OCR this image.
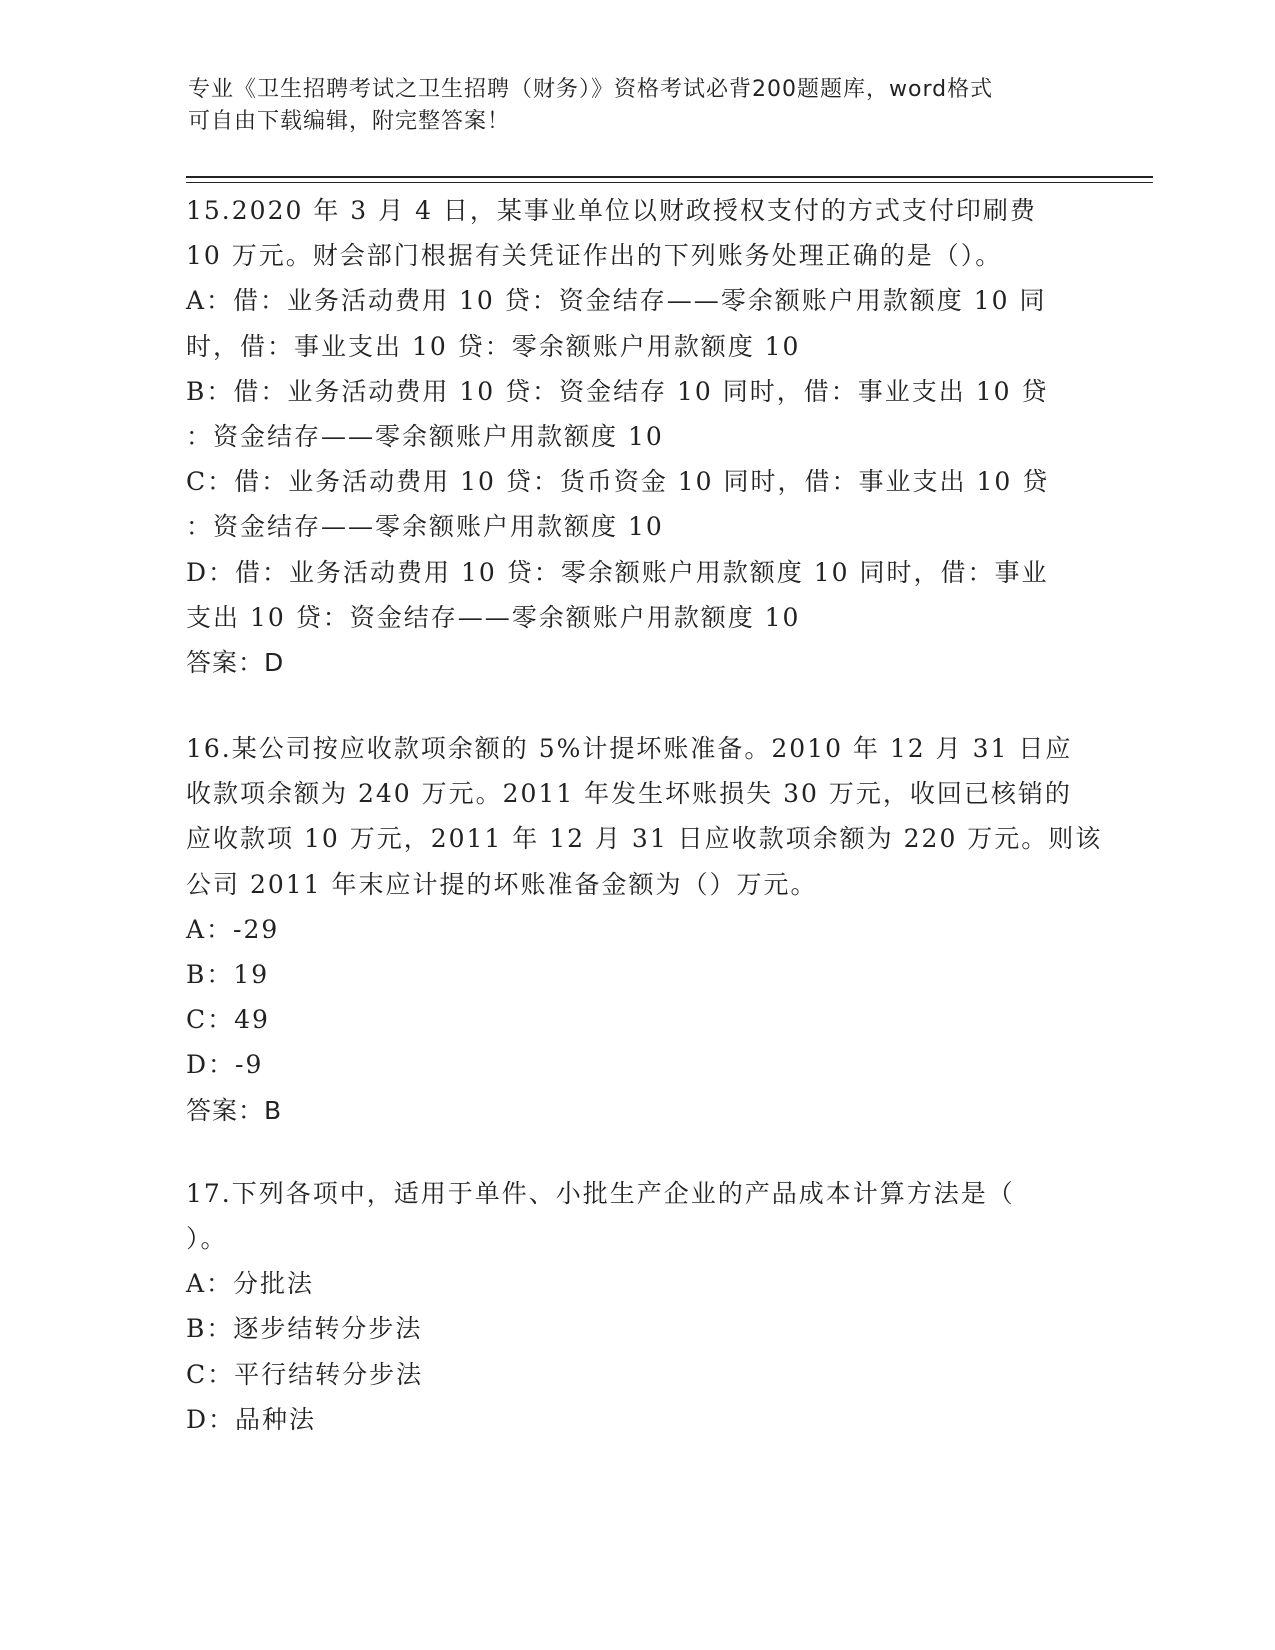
专业《卫生招聘考试之卫生招聘（财务）》资格考试必背200题题库，word格式
可自由下载编辑，附完整答案！
15.2020 年 3 月 4 日，某事业单位以财政授权支付的方式支付印刷费
10 万元。财会部门根据有关凭证作出的下列账务处理正确的是（）。
A：借：业务活动费用 10 贷：资金结存——零余额账户用款额度 10 同
时，借：事业支出 10 贷：零余额账户用款额度 10
B：借：业务活动费用 10 贷：资金结存 10 同时，借：事业支出 10 贷
：资金结存——零余额账户用款额度 10
C：借：业务活动费用 10 贷：货币资金 10 同时，借：事业支出 10 贷
：资金结存——零余额账户用款额度 10
D：借：业务活动费用 10 贷：零余额账户用款额度 10 同时，借：事业
支出 10 贷：资金结存——零余额账户用款额度 10
答案：D
16.某公司按应收款项余额的 5%计提坏账准备。2010 年 12 月 31 日应
收款项余额为 240 万元。2011 年发生坏账损失 30 万元，收回已核销的
应收款项 10 万元，2011 年 12 月 31 日应收款项余额为 220 万元。则该
公司 2011 年末应计提的坏账准备金额为（）万元。
A：-29
B：19
C：49
D：-9
答案：B
17.下列各项中，适用于单件、小批生产企业的产品成本计算方法是（
）。
A：分批法
B：逐步结转分步法
C：平行结转分步法
D：品种法
